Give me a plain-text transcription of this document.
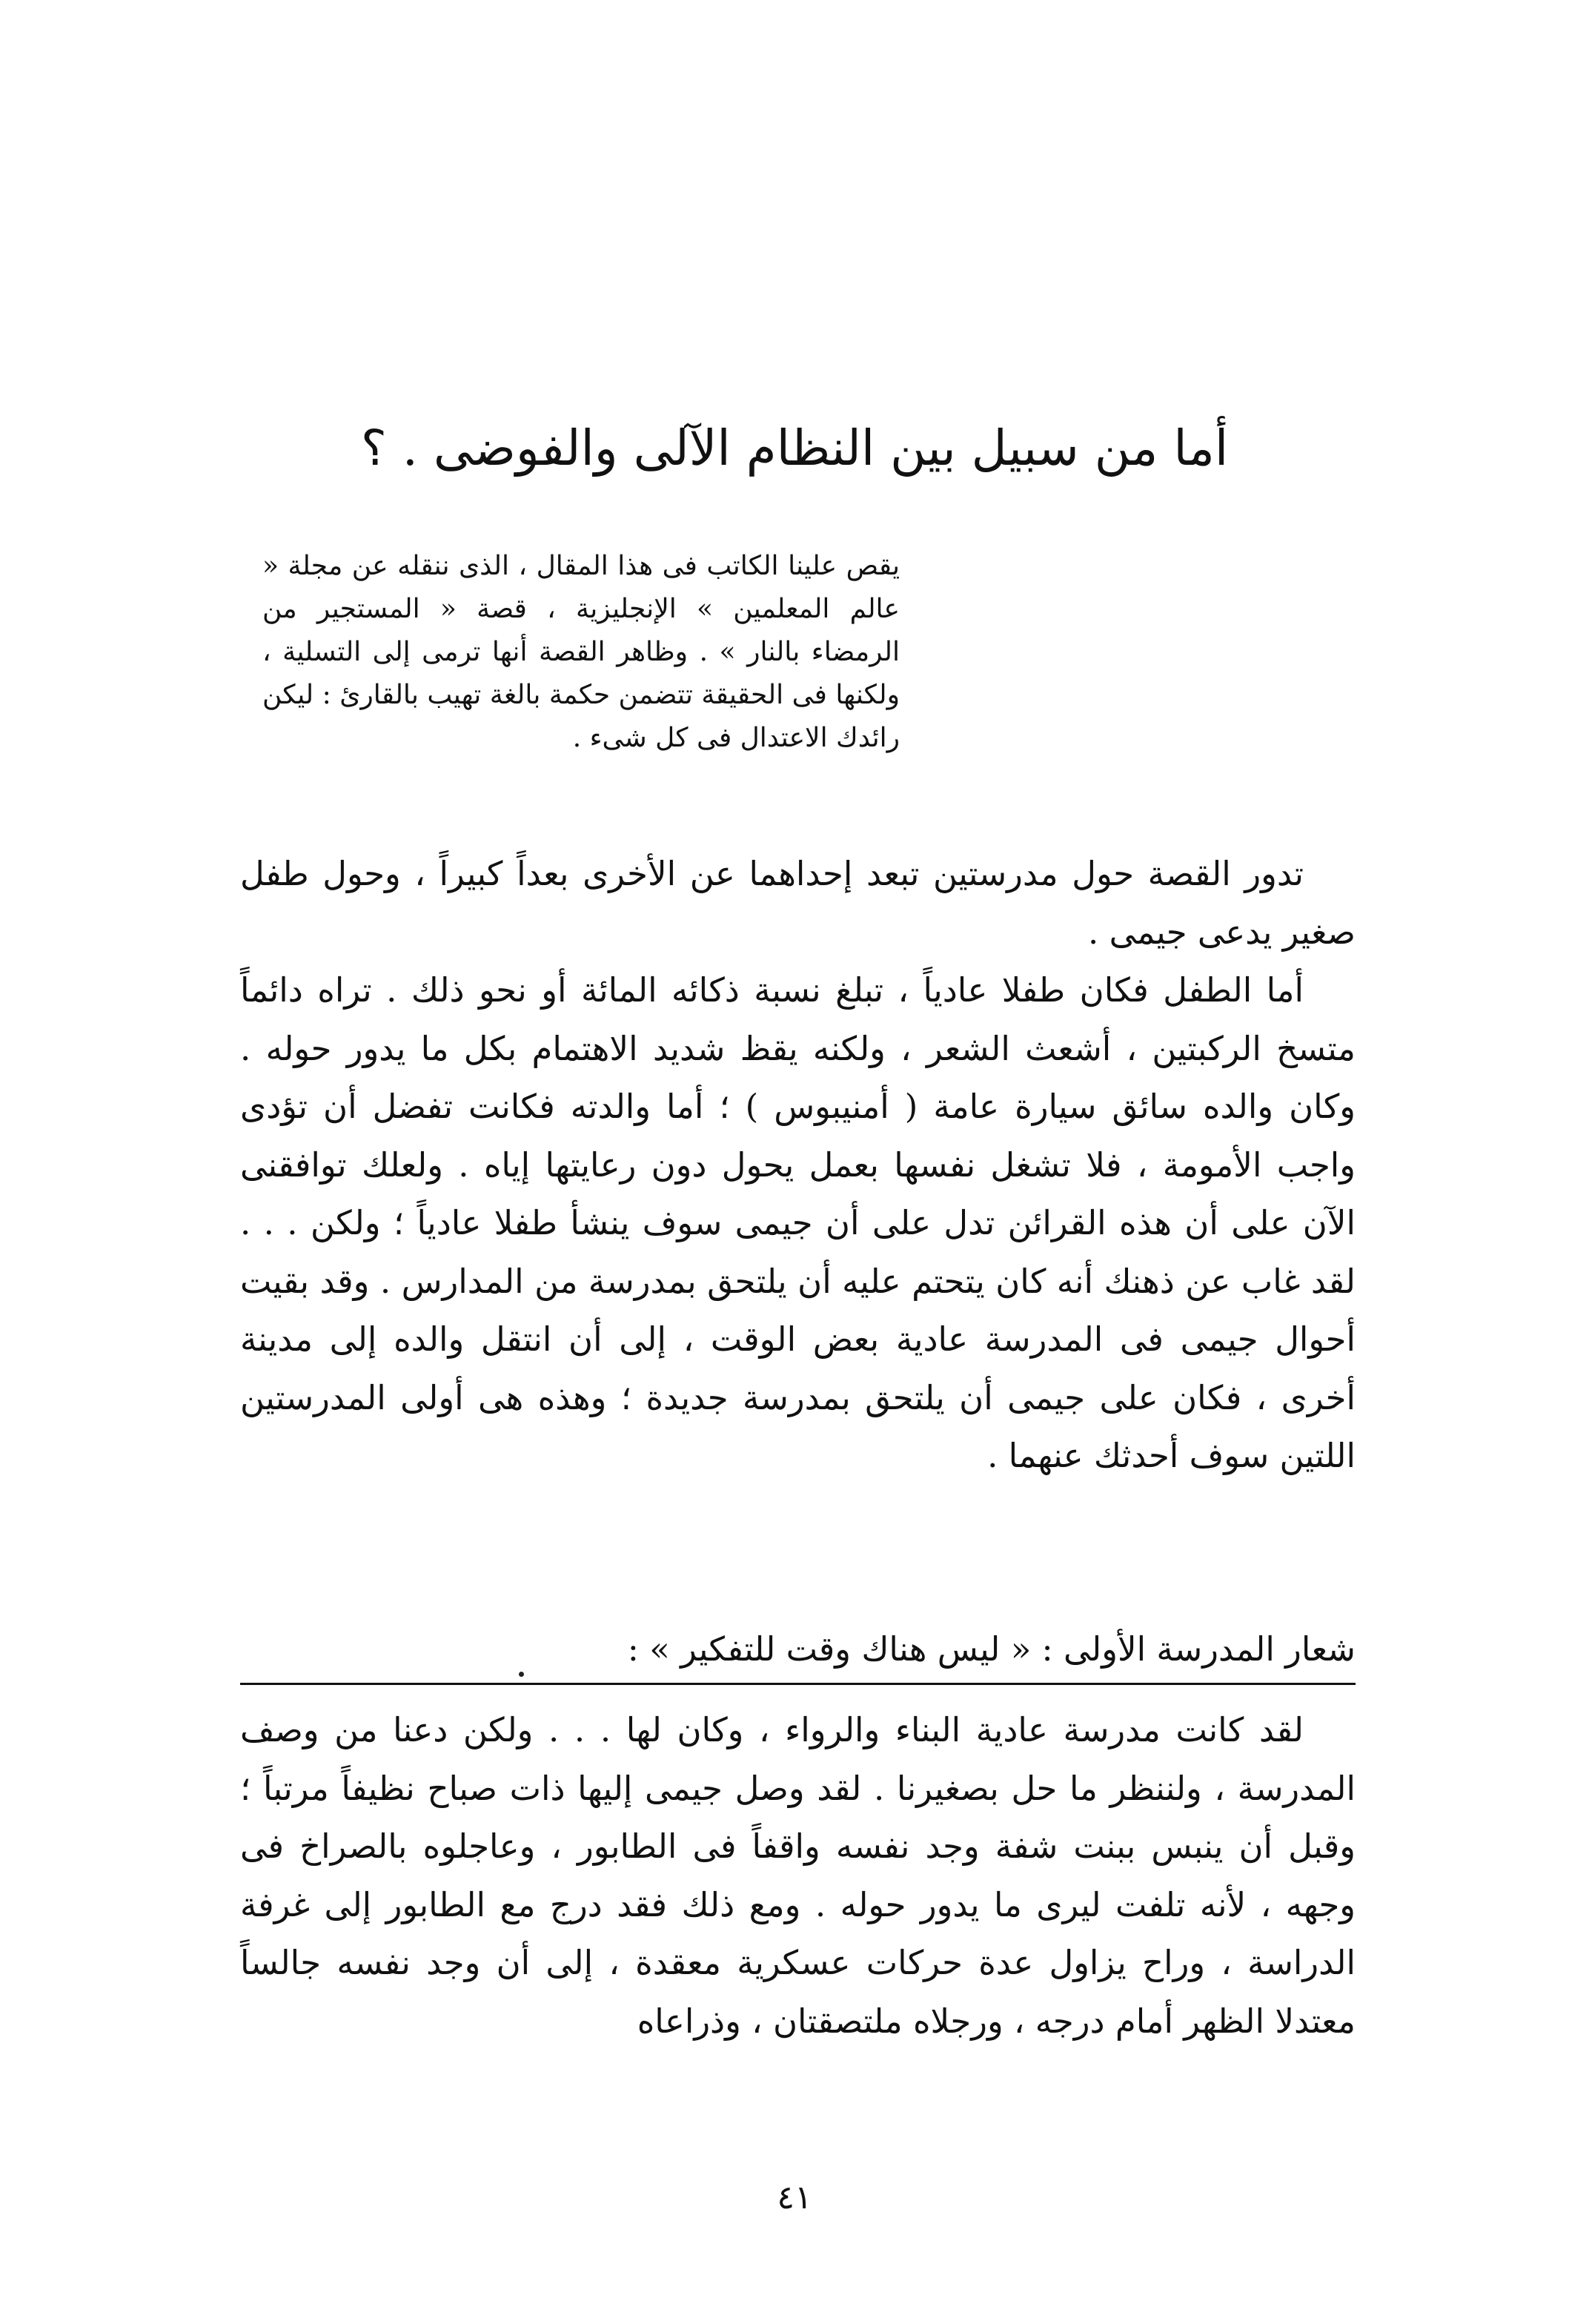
أما من سبيل بين النظام الآلى والفوضى . ؟
يقص علينا الكاتب فى هذا المقال ، الذى ننقله عن مجلة « عالم المعلمين » الإنجليزية ، قصة « المستجير من الرمضاء بالنار » . وظاهر القصة أنها ترمى إلى التسلية ، ولكنها فى الحقيقة تتضمن حكمة بالغة تهيب بالقارئ : ليكن رائدك الاعتدال فى كل شىء .

تدور القصة حول مدرستين تبعد إحداهما عن الأخرى بعداً كبيراً ، وحول طفل صغير يدعى جيمى .

أما الطفل فكان طفلا عادياً ، تبلغ نسبة ذكائه المائة أو نحو ذلك . تراه دائماً متسخ الركبتين ، أشعث الشعر ، ولكنه يقظ شديد الاهتمام بكل ما يدور حوله . وكان والده سائق سيارة عامة ( أمنيبوس ) ؛ أما والدته فكانت تفضل أن تؤدى واجب الأمومة ، فلا تشغل نفسها بعمل يحول دون رعايتها إياه . ولعلك توافقنى الآن على أن هذه القرائن تدل على أن جيمى سوف ينشأ طفلا عادياً ؛ ولكن . . . لقد غاب عن ذهنك أنه كان يتحتم عليه أن يلتحق بمدرسة من المدارس . وقد بقيت أحوال جيمى فى المدرسة عادية بعض الوقت ، إلى أن انتقل والده إلى مدينة أخرى ، فكان على جيمى أن يلتحق بمدرسة جديدة ؛ وهذه هى أولى المدرستين اللتين سوف أحدثك عنهما .

شعار المدرسة الأولى : « ليس هناك وقت للتفكير » :

لقد كانت مدرسة عادية البناء والرواء ، وكان لها . . . ولكن دعنا من وصف المدرسة ، ولننظر ما حل بصغيرنا . لقد وصل جيمى إليها ذات صباح نظيفاً مرتباً ؛ وقبل أن ينبس ببنت شفة وجد نفسه واقفاً فى الطابور ، وعاجلوه بالصراخ فى وجهه ، لأنه تلفت ليرى ما يدور حوله . ومع ذلك فقد درج مع الطابور إلى غرفة الدراسة ، وراح يزاول عدة حركات عسكرية معقدة ، إلى أن وجد نفسه جالساً معتدلا الظهر أمام درجه ، ورجلاه ملتصقتان ، وذراعاه

٤١
